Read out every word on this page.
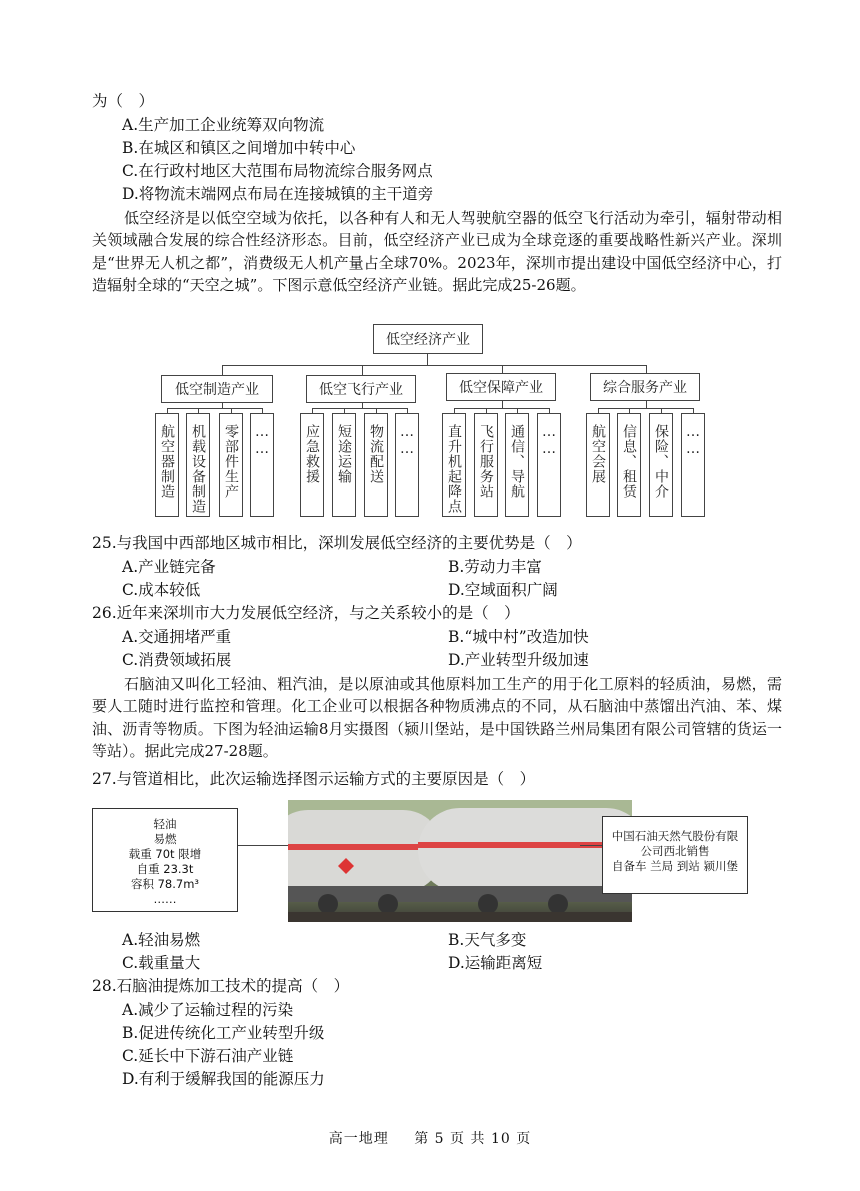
为（　）
A.生产加工企业统筹双向物流
B.在城区和镇区之间增加中转中心
C.在行政村地区大范围布局物流综合服务网点
D.将物流末端网点布局在连接城镇的主干道旁
低空经济是以低空空域为依托，以各种有人和无人驾驶航空器的低空飞行活动为牵引，辐射带动相关领域融合发展的综合性经济形态。目前，低空经济产业已成为全球竞逐的重要战略性新兴产业。深圳是“世界无人机之都”，消费级无人机产量占全球70%。2023年，深圳市提出建设中国低空经济中心，打造辐射全球的“天空之城”。下图示意低空经济产业链。据此完成25-26题。
低空经济产业
低空制造产业	低空飞行产业	低空保障产业	综合服务产业
航空器制造 机载设备制造 零部件生产 …… 应急救援 短途运输 物流配送 …… 直升机起降点 飞行服务站 通信、导航 …… 航空会展 信息、租赁 保险、中介 ……
25.与我国中西部地区城市相比，深圳发展低空经济的主要优势是（　）
A.产业链完备	B.劳动力丰富
C.成本较低	D.空域面积广阔
26.近年来深圳市大力发展低空经济，与之关系较小的是（　）
A.交通拥堵严重	B.“城中村”改造加快
C.消费领域拓展	D.产业转型升级加速
石脑油又叫化工轻油、粗汽油，是以原油或其他原料加工生产的用于化工原料的轻质油，易燃，需要人工随时进行监控和管理。化工企业可以根据各种物质沸点的不同，从石脑油中蒸馏出汽油、苯、煤油、沥青等物质。下图为轻油运输8月实摄图（颍川堡站，是中国铁路兰州局集团有限公司管辖的货运一等站）。据此完成27-28题。
27.与管道相比，此次运输选择图示运输方式的主要原因是（　）
轻油
易燃
载重 70t 限增
自重 23.3t
容积 78.7m³
……
中国石油天然气股份有限
公司西北销售
自备车 兰局 到站 颍川堡
A.轻油易燃	B.天气多变
C.载重量大	D.运输距离短
28.石脑油提炼加工技术的提高（　）
A.减少了运输过程的污染
B.促进传统化工产业转型升级
C.延长中下游石油产业链
D.有利于缓解我国的能源压力
高一地理 第 5 页 共 10 页
